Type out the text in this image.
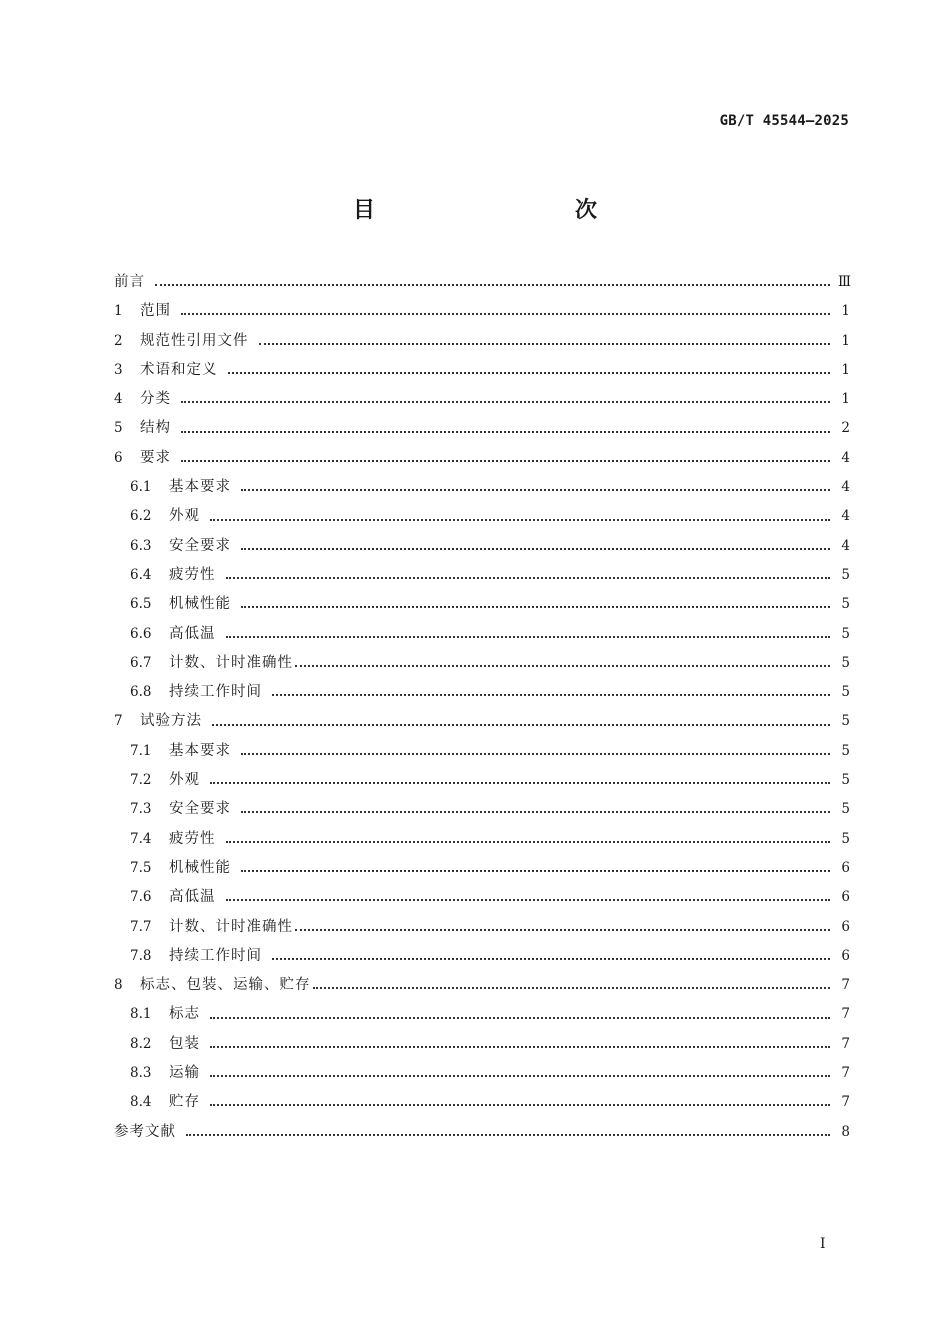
GB/T 45544—2025
目　　次
前言	Ⅲ
1	范围	1
2	规范性引用文件	1
3	术语和定义	1
4	分类	1
5	结构	2
6	要求	4
6.1	基本要求	4
6.2	外观	4
6.3	安全要求	4
6.4	疲劳性	5
6.5	机械性能	5
6.6	高低温	5
6.7	计数、计时准确性	5
6.8	持续工作时间	5
7	试验方法	5
7.1	基本要求	5
7.2	外观	5
7.3	安全要求	5
7.4	疲劳性	5
7.5	机械性能	6
7.6	高低温	6
7.7	计数、计时准确性	6
7.8	持续工作时间	6
8	标志、包装、运输、贮存	7
8.1	标志	7
8.2	包装	7
8.3	运输	7
8.4	贮存	7
参考文献	8
I
